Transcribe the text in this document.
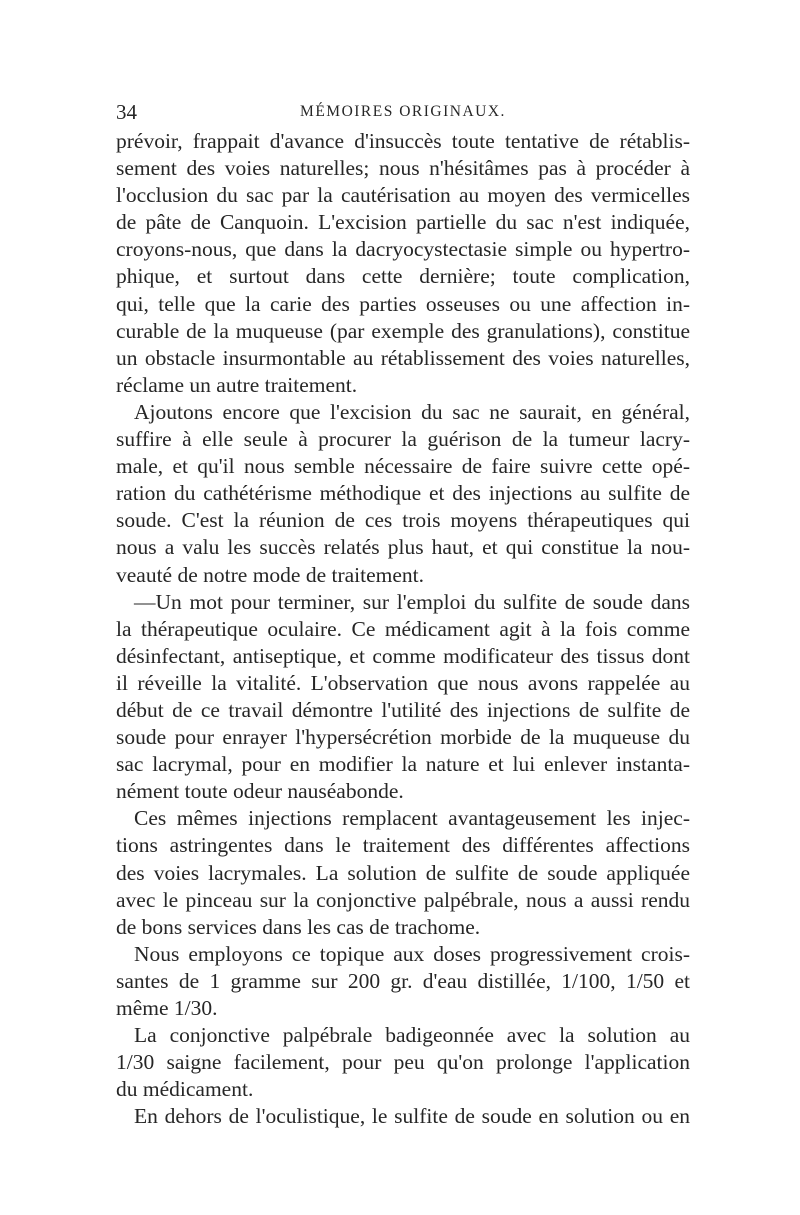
34	MÉMOIRES ORIGINAUX.
prévoir, frappait d'avance d'insuccès toute tentative de rétablis-
sement des voies naturelles; nous n'hésitâmes pas à procéder à
l'occlusion du sac par la cautérisation au moyen des vermicelles
de pâte de Canquoin. L'excision partielle du sac n'est indiquée,
croyons-nous, que dans la dacryocystectasie simple ou hypertro-
phique, et surtout dans cette dernière; toute complication,
qui, telle que la carie des parties osseuses ou une affection in-
curable de la muqueuse (par exemple des granulations), constitue
un obstacle insurmontable au rétablissement des voies naturelles,
réclame un autre traitement.
Ajoutons encore que l'excision du sac ne saurait, en général,
suffire à elle seule à procurer la guérison de la tumeur lacry-
male, et qu'il nous semble nécessaire de faire suivre cette opé-
ration du cathétérisme méthodique et des injections au sulfite de
soude. C'est la réunion de ces trois moyens thérapeutiques qui
nous a valu les succès relatés plus haut, et qui constitue la nou-
veauté de notre mode de traitement.
—Un mot pour terminer, sur l'emploi du sulfite de soude dans
la thérapeutique oculaire. Ce médicament agit à la fois comme
désinfectant, antiseptique, et comme modificateur des tissus dont
il réveille la vitalité. L'observation que nous avons rappelée au
début de ce travail démontre l'utilité des injections de sulfite de
soude pour enrayer l'hypersécrétion morbide de la muqueuse du
sac lacrymal, pour en modifier la nature et lui enlever instanta-
nément toute odeur nauséabonde.
Ces mêmes injections remplacent avantageusement les injec-
tions astringentes dans le traitement des différentes affections
des voies lacrymales. La solution de sulfite de soude appliquée
avec le pinceau sur la conjonctive palpébrale, nous a aussi rendu
de bons services dans les cas de trachome.
Nous employons ce topique aux doses progressivement crois-
santes de 1 gramme sur 200 gr. d'eau distillée, 1/100, 1/50 et
même 1/30.
La conjonctive palpébrale badigeonnée avec la solution au
1/30 saigne facilement, pour peu qu'on prolonge l'application
du médicament.
En dehors de l'oculistique, le sulfite de soude en solution ou en
